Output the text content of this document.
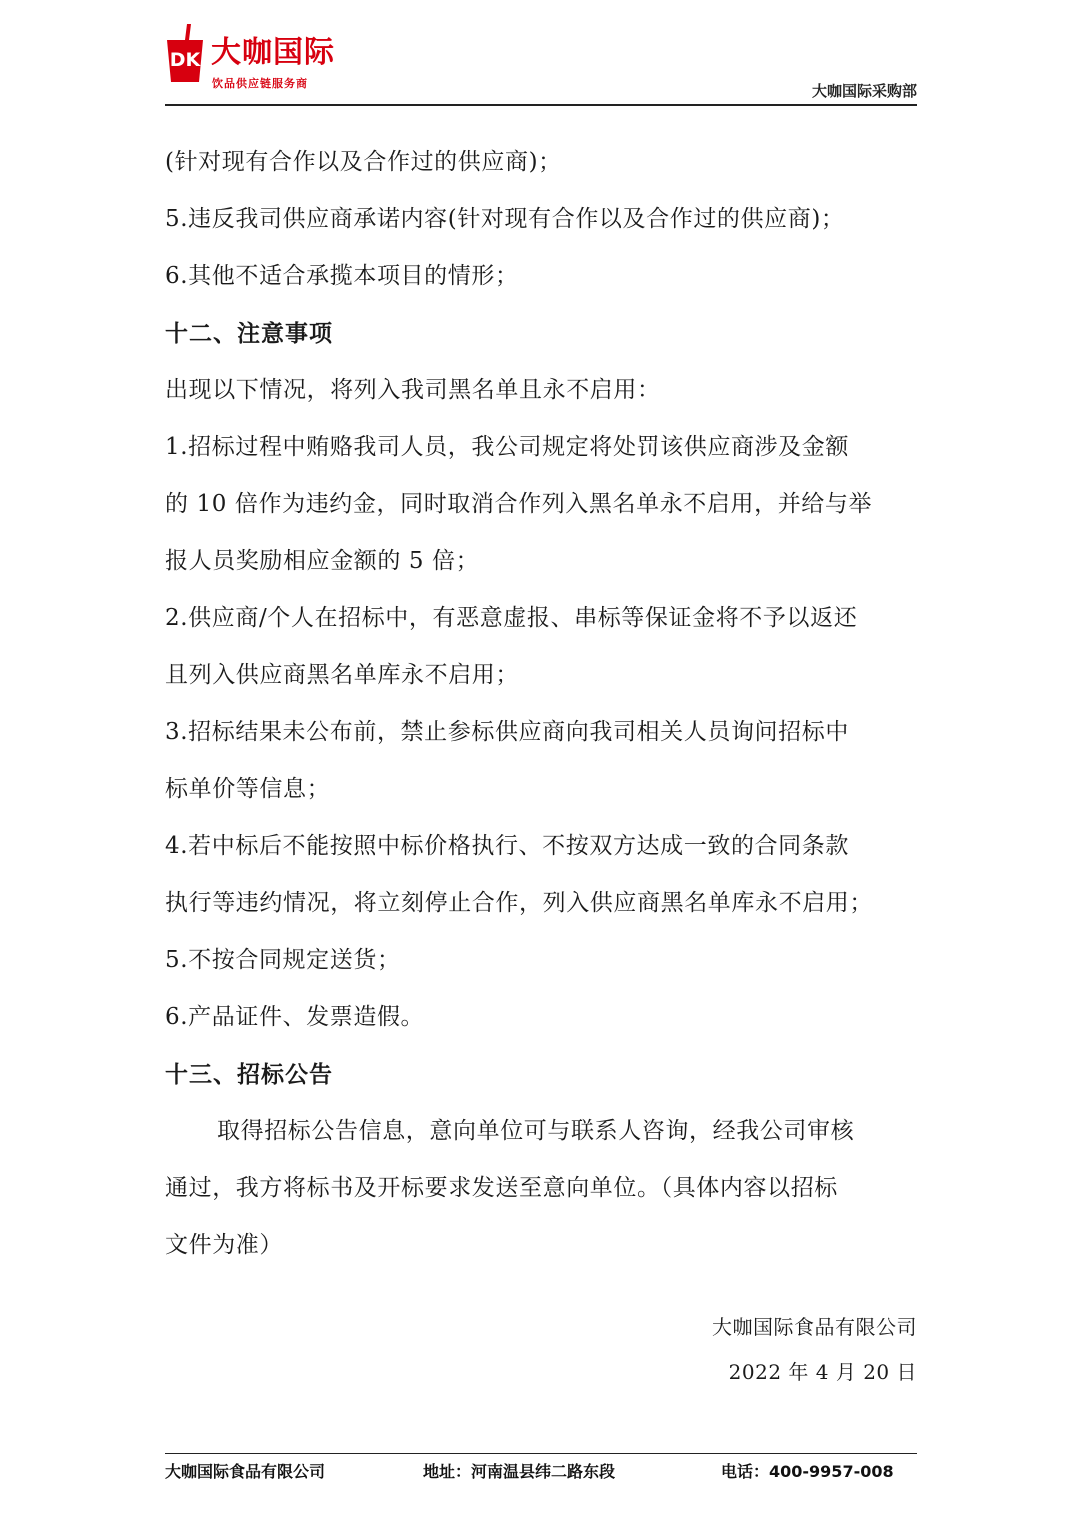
DK 大咖国际
饮品供应链服务商	大咖国际采购部
(针对现有合作以及合作过的供应商)；
5.违反我司供应商承诺内容(针对现有合作以及合作过的供应商)；
6.其他不适合承揽本项目的情形；
十二、注意事项
出现以下情况，将列入我司黑名单且永不启用：
1.招标过程中贿赂我司人员，我公司规定将处罚该供应商涉及金额
的 10 倍作为违约金，同时取消合作列入黑名单永不启用，并给与举
报人员奖励相应金额的 5 倍；
2.供应商/个人在招标中，有恶意虚报、串标等保证金将不予以返还
且列入供应商黑名单库永不启用；
3.招标结果未公布前，禁止参标供应商向我司相关人员询问招标中
标单价等信息；
4.若中标后不能按照中标价格执行、不按双方达成一致的合同条款
执行等违约情况，将立刻停止合作，列入供应商黑名单库永不启用；
5.不按合同规定送货；
6.产品证件、发票造假。
十三、招标公告
取得招标公告信息，意向单位可与联系人咨询，经我公司审核
通过，我方将标书及开标要求发送至意向单位。（具体内容以招标
文件为准）
大咖国际食品有限公司
2022 年 4 月 20 日
大咖国际食品有限公司	地址：河南温县纬二路东段	电话：400-9957-008
